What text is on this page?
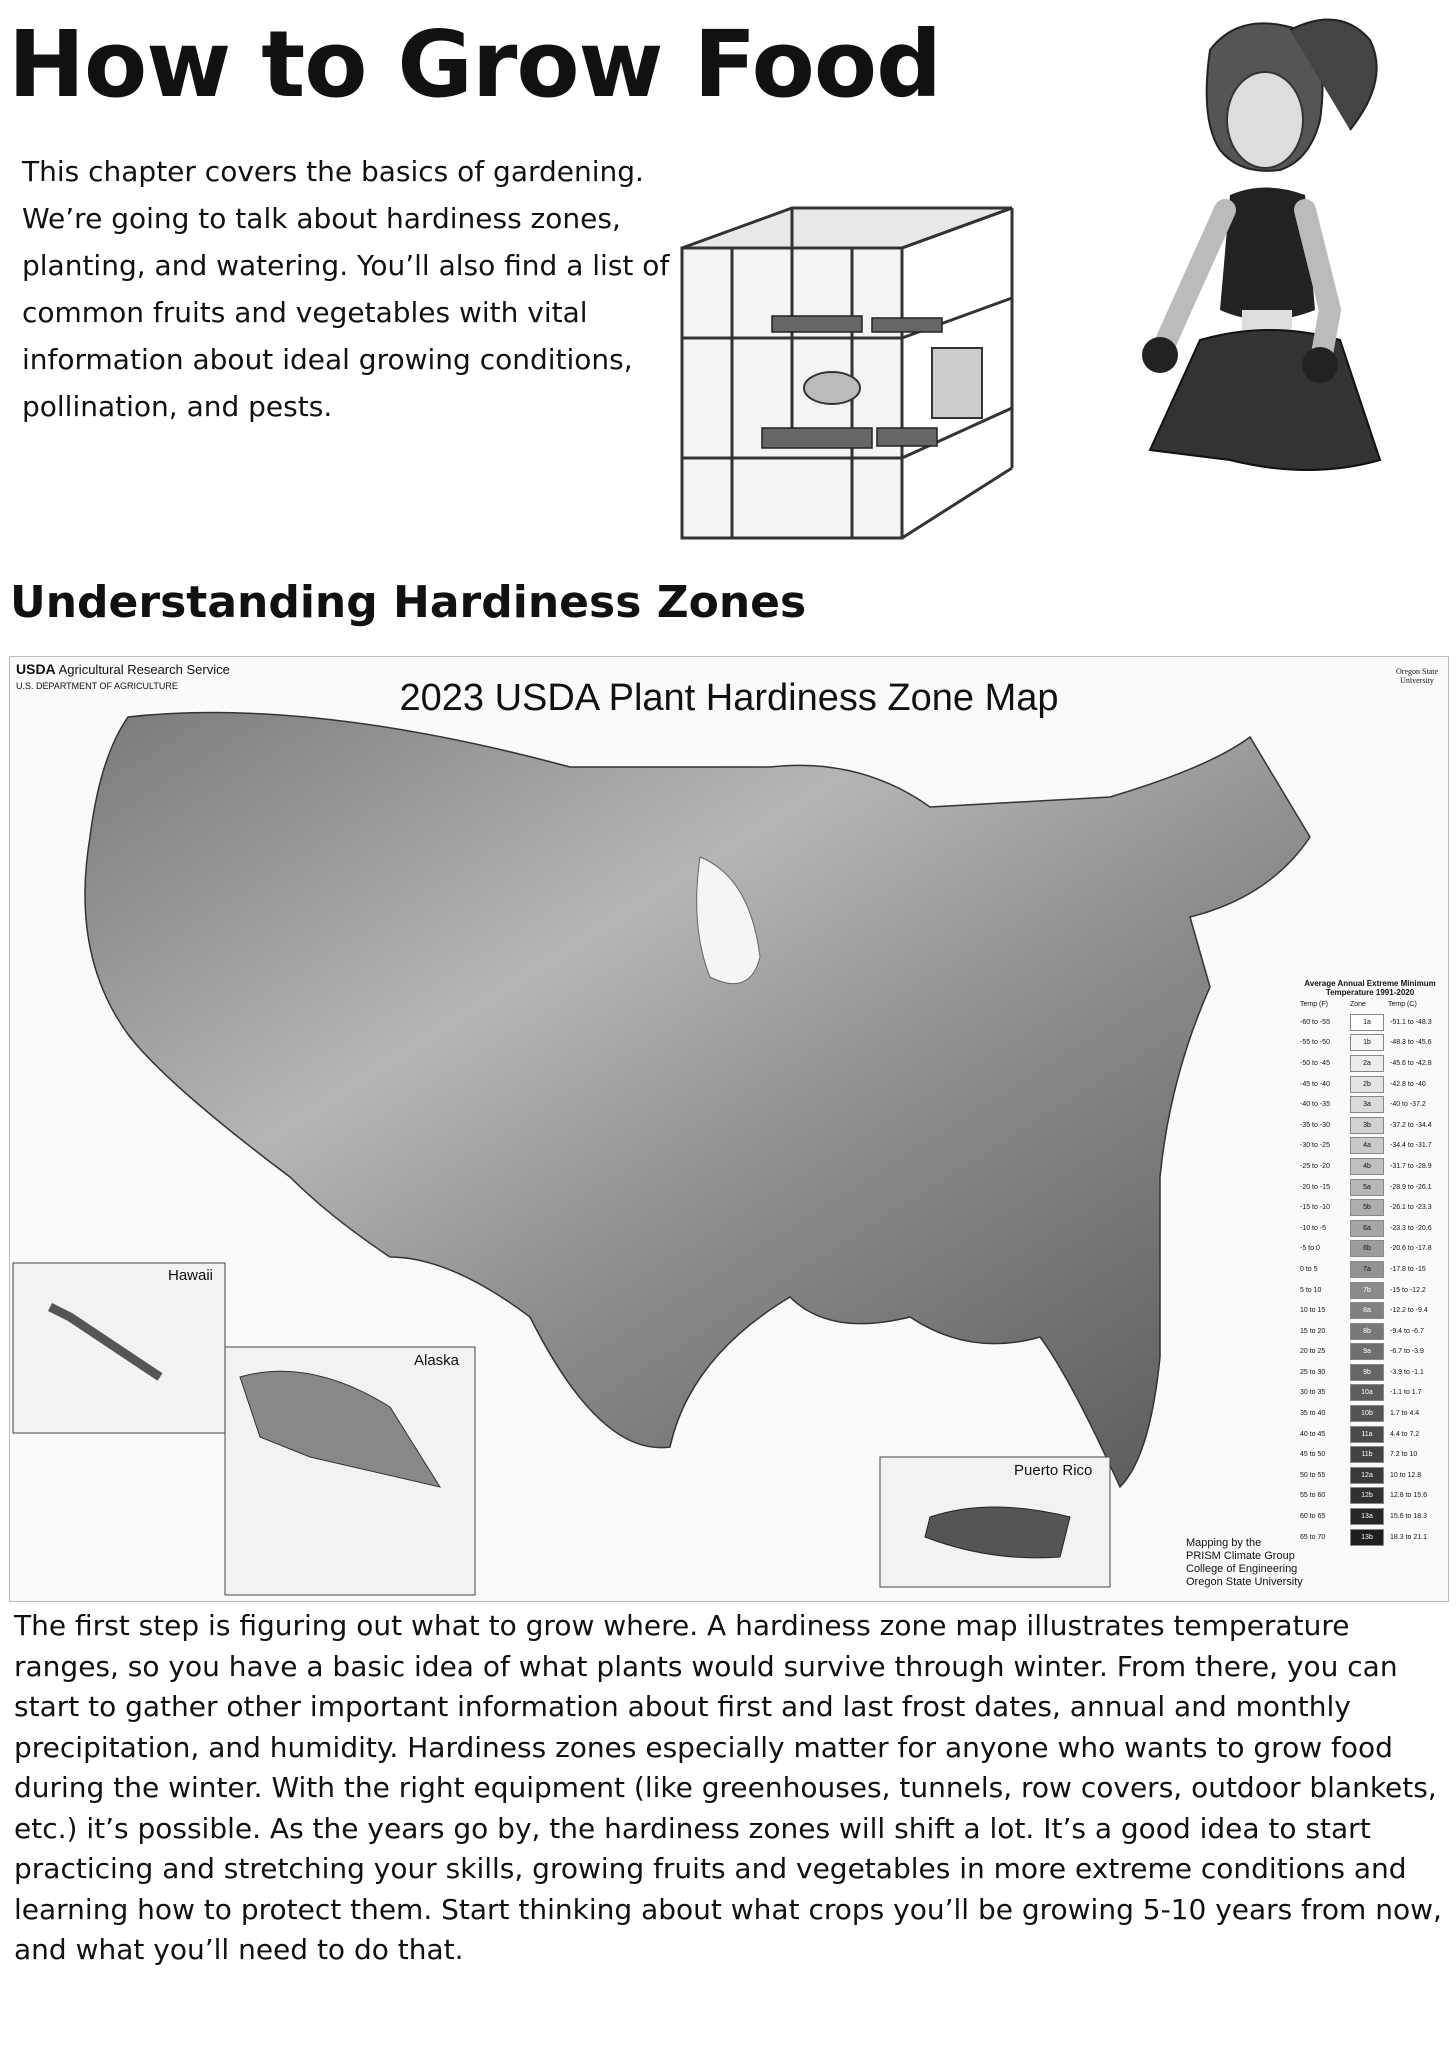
How to Grow Food
This chapter covers the basics of gardening. We’re going to talk about hardiness zones, planting, and watering. You’ll also find a list of common fruits and vegetables with vital information about ideal growing conditions, pollination, and pests.
Understanding Hardiness Zones
USDA Agricultural Research Service
U.S. DEPARTMENT OF AGRICULTURE
Oregon State University
2023 USDA Plant Hardiness Zone Map
Hawaii
Alaska
Puerto Rico
Average Annual Extreme Minimum Temperature 1991-2020
Temp (F)	Zone	Temp (C)
-60 to -55	1a	-51.1 to -48.3
-55 to -50	1b	-48.3 to -45.6
-50 to -45	2a	-45.6 to -42.8
-45 to -40	2b	-42.8 to -40
-40 to -35	3a	-40 to -37.2
-35 to -30	3b	-37.2 to -34.4
-30 to -25	4a	-34.4 to -31.7
-25 to -20	4b	-31.7 to -28.9
-20 to -15	5a	-28.9 to -26.1
-15 to -10	5b	-26.1 to -23.3
-10 to -5	6a	-23.3 to -20.6
-5 to 0	6b	-20.6 to -17.8
0 to 5	7a	-17.8 to -15
5 to 10	7b	-15 to -12.2
10 to 15	8a	-12.2 to -9.4
15 to 20	8b	-9.4 to -6.7
20 to 25	9a	-6.7 to -3.9
25 to 30	9b	-3.9 to -1.1
30 to 35	10a	-1.1 to 1.7
35 to 40	10b	1.7 to 4.4
40 to 45	11a	4.4 to 7.2
45 to 50	11b	7.2 to 10
50 to 55	12a	10 to 12.8
55 to 60	12b	12.8 to 15.6
60 to 65	13a	15.6 to 18.3
65 to 70	13b	18.3 to 21.1
Mapping by the
PRISM Climate Group
College of Engineering
Oregon State University
The first step is figuring out what to grow where. A hardiness zone map illustrates temperature ranges, so you have a basic idea of what plants would survive through winter. From there, you can start to gather other important information about first and last frost dates, annual and monthly precipitation, and humidity. Hardiness zones especially matter for anyone who wants to grow food during the winter. With the right equipment (like greenhouses, tunnels, row covers, outdoor blankets, etc.) it’s possible. As the years go by, the hardiness zones will shift a lot. It’s a good idea to start practicing and stretching your skills, growing fruits and vegetables in more extreme conditions and learning how to protect them. Start thinking about what crops you’ll be growing 5-10 years from now, and what you’ll need to do that.
